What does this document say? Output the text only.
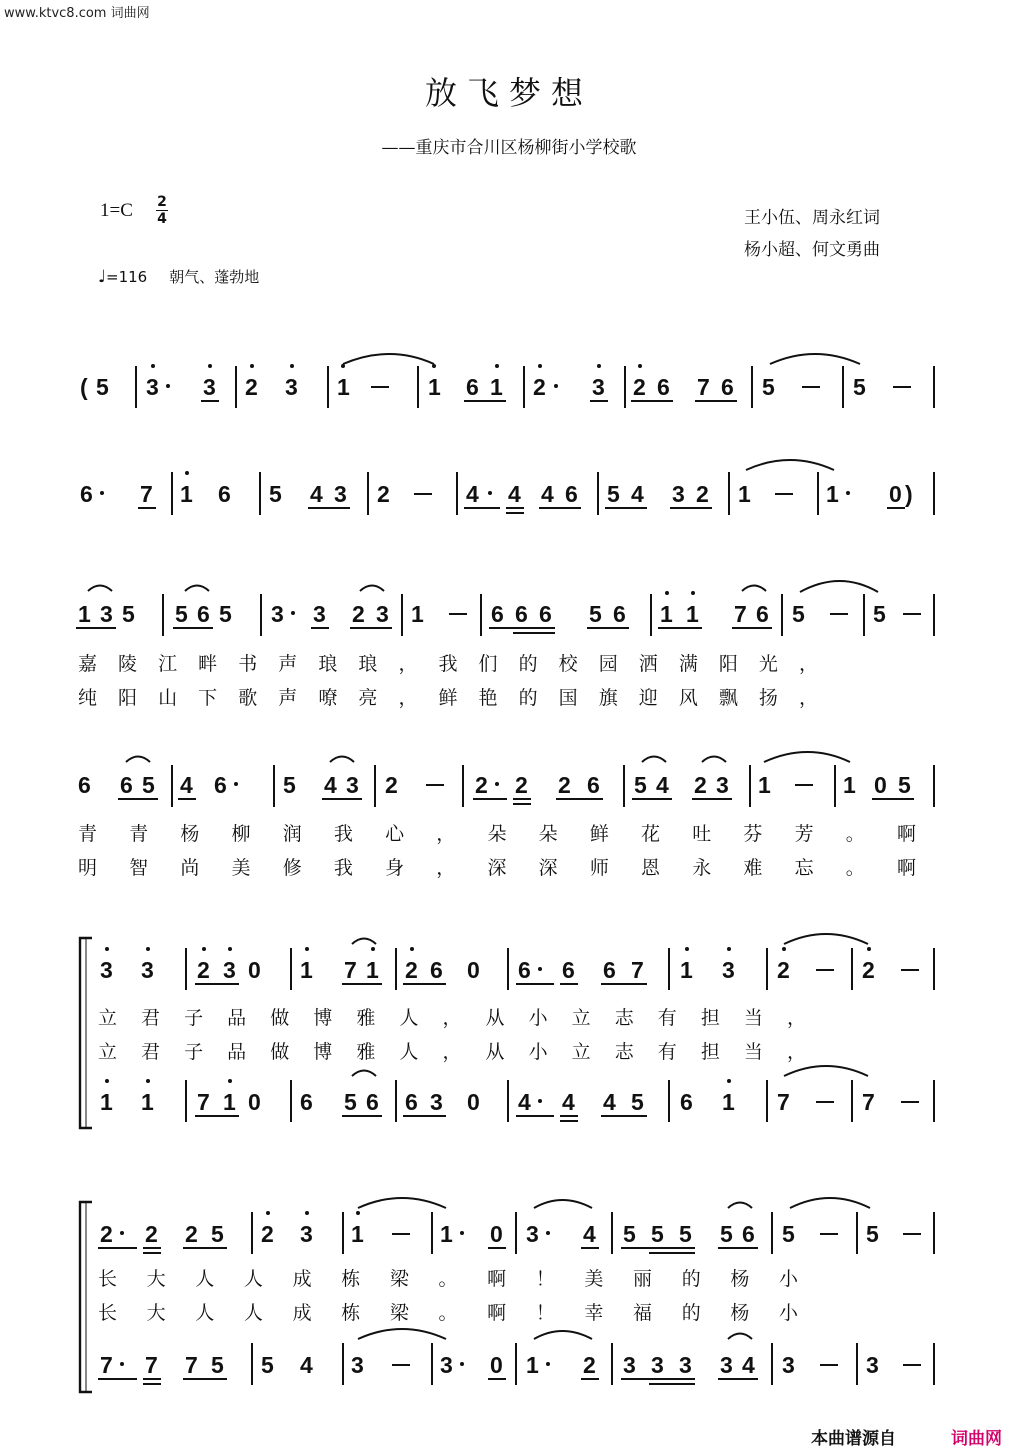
www.ktvc8.com 词曲网
放飞梦想
——重庆市合川区杨柳街小学校歌
1=C 2
4	王小伍、周永红词
杨小超、何文勇曲
♩=116 朝气、蓬勃地
( 5 3 3 2 3 1	1 6 1 2 3 2 6 7 6 5	5
6 7 1 6 5 4 3 2	4 4 4 6 5 4 3 2 1	1 0 )
1 3 5 5 6 5 3 3 2 3 1	6 6 6 5 6 1 1 7 6 5	5
6 6 5 4 6 5 4 3 2	2 2 2 6 5 4 2 3 1	1 0 5
3 3 2 3 0 1 7 1 2 6 0 6 6 6 7 1 3 2	2
1 1 7 1 0 6 5 6 6 3 0 4 4 4 5 6 1 7	7
2 2 2 5 2 3 1	1 0 3 4 5 5 5 5 6 5	5
7 7 7 5 5 4 3	3 0 1 2 3 3 3 3 4 3	3
嘉陵江畔书声琅琅，我们的校园洒满阳光，
纯阳山下歌声嘹亮，鲜艳的国旗迎风飘扬，
青青杨柳润我心，朵朵鲜花吐芬芳。啊
明智尚美修我身，深深师恩永难忘。啊
立君子品做博雅人，从小立志有担当，
立君子品做博雅人，从小立志有担当，
长大人人成栋梁。啊！美丽的杨小
长大人人成栋梁。啊！幸福的杨小
本曲谱源自	词曲网
